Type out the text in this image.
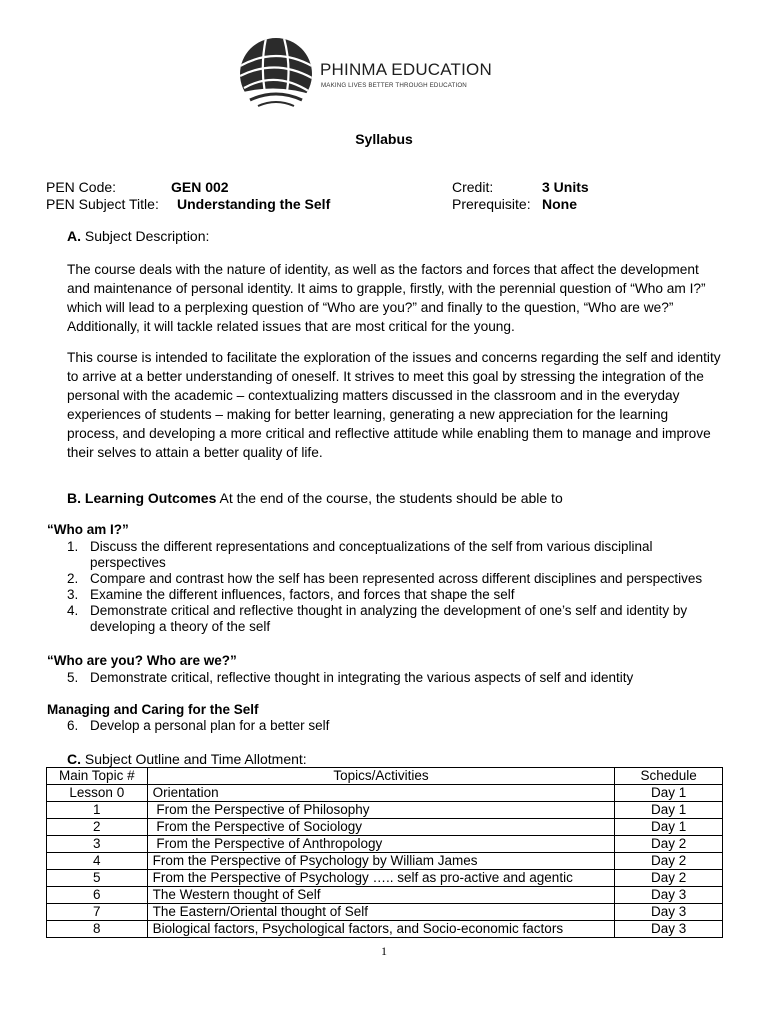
PHINMA EDUCATION
MAKING LIVES BETTER THROUGH EDUCATION
Syllabus
PEN Code:	GEN 002
PEN Subject Title: Understanding the Self
Credit:	3 Units
Prerequisite: None
A. Subject Description:

The course deals with the nature of identity, as well as the factors and forces that affect the development and maintenance of personal identity. It aims to grapple, firstly, with the perennial question of “Who am I?” which will lead to a perplexing question of “Who are you?” and finally to the question, “Who are we?” Additionally, it will tackle related issues that are most critical for the young.

This course is intended to facilitate the exploration of the issues and concerns regarding the self and identity to arrive at a better understanding of oneself. It strives to meet this goal by stressing the integration of the personal with the academic – contextualizing matters discussed in the classroom and in the everyday experiences of students – making for better learning, generating a new appreciation for the learning process, and developing a more critical and reflective attitude while enabling them to manage and improve their selves to attain a better quality of life.

B. Learning Outcomes At the end of the course, the students should be able to
“Who am I?”
1. Discuss the different representations and conceptualizations of the self from various disciplinal perspectives
2. Compare and contrast how the self has been represented across different disciplines and perspectives
3. Examine the different influences, factors, and forces that shape the self
4. Demonstrate critical and reflective thought in analyzing the development of one’s self and identity by developing a theory of the self
“Who are you? Who are we?”
5. Demonstrate critical, reflective thought in integrating the various aspects of self and identity
Managing and Caring for the Self
6. Develop a personal plan for a better self
C. Subject Outline and Time Allotment:
Main Topic #	Topics/Activities	Schedule
Lesson 0	Orientation	Day 1
1	From the Perspective of Philosophy	Day 1
2	From the Perspective of Sociology	Day 1
3	From the Perspective of Anthropology	Day 2
4	From the Perspective of Psychology by William James	Day 2
5	From the Perspective of Psychology ….. self as pro-active and agentic	Day 2
6	The Western thought of Self	Day 3
7	The Eastern/Oriental thought of Self	Day 3
8	Biological factors, Psychological factors, and Socio-economic factors	Day 3
1
